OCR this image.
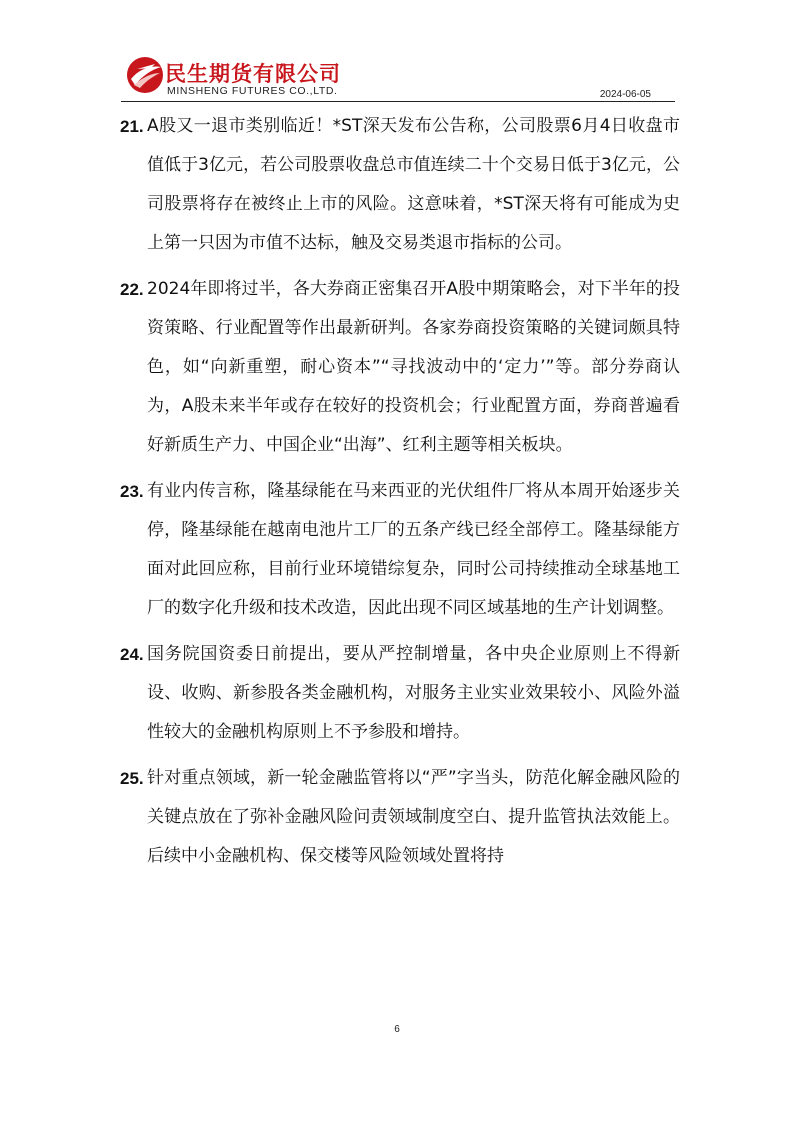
民生期货有限公司
MINSHENG FUTURES CO.,LTD.	2024-06-05
21. A股又一退市类别临近！*ST深天发布公告称，公司股票6月4日收盘市值低于3亿元，若公司股票收盘总市值连续二十个交易日低于3亿元，公司股票将存在被终止上市的风险。这意味着，*ST深天将有可能成为史上第一只因为市值不达标，触及交易类退市指标的公司。
22. 2024年即将过半，各大券商正密集召开A股中期策略会，对下半年的投资策略、行业配置等作出最新研判。各家券商投资策略的关键词颇具特色，如“向新重塑，耐心资本”“寻找波动中的‘定力’”等。部分券商认为，A股未来半年或存在较好的投资机会；行业配置方面，券商普遍看好新质生产力、中国企业“出海”、红利主题等相关板块。
23. 有业内传言称，隆基绿能在马来西亚的光伏组件厂将从本周开始逐步关停，隆基绿能在越南电池片工厂的五条产线已经全部停工。隆基绿能方面对此回应称，目前行业环境错综复杂，同时公司持续推动全球基地工厂的数字化升级和技术改造，因此出现不同区域基地的生产计划调整。
24. 国务院国资委日前提出，要从严控制增量，各中央企业原则上不得新设、收购、新参股各类金融机构，对服务主业实业效果较小、风险外溢性较大的金融机构原则上不予参股和增持。
25. 针对重点领域，新一轮金融监管将以“严”字当头，防范化解金融风险的关键点放在了弥补金融风险问责领域制度空白、提升监管执法效能上。后续中小金融机构、保交楼等风险领域处置将持
6
